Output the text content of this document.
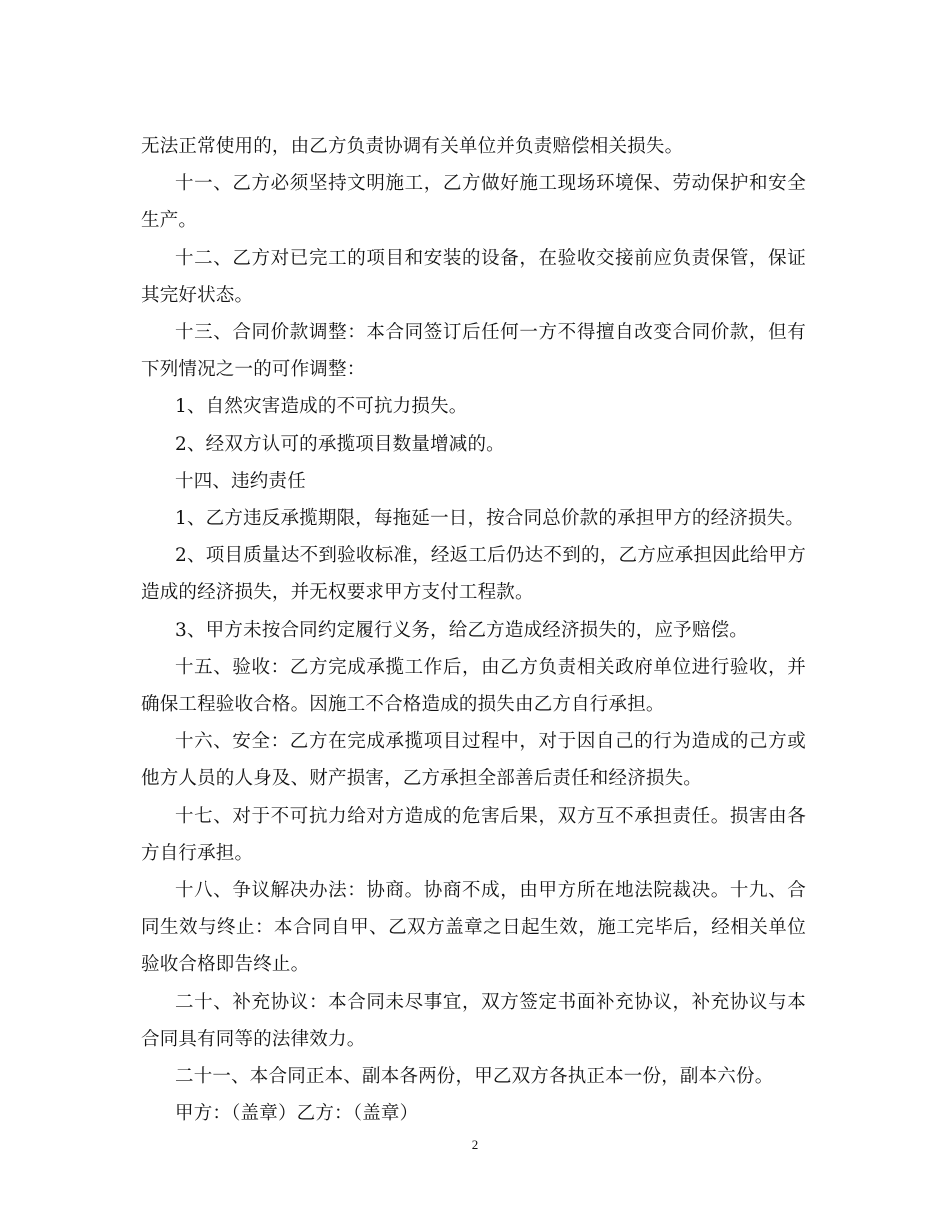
无法正常使用的，由乙方负责协调有关单位并负责赔偿相关损失。

十一、乙方必须坚持文明施工，乙方做好施工现场环境保、劳动保护和安全生产。

十二、乙方对已完工的项目和安装的设备，在验收交接前应负责保管，保证其完好状态。

十三、合同价款调整：本合同签订后任何一方不得擅自改变合同价款，但有下列情况之一的可作调整：

1、自然灾害造成的不可抗力损失。

2、经双方认可的承揽项目数量增减的。

十四、违约责任

1、乙方违反承揽期限，每拖延一日，按合同总价款的承担甲方的经济损失。

2、项目质量达不到验收标准，经返工后仍达不到的，乙方应承担因此给甲方造成的经济损失，并无权要求甲方支付工程款。

3、甲方未按合同约定履行义务，给乙方造成经济损失的，应予赔偿。

十五、验收：乙方完成承揽工作后，由乙方负责相关政府单位进行验收，并确保工程验收合格。因施工不合格造成的损失由乙方自行承担。

十六、安全：乙方在完成承揽项目过程中，对于因自己的行为造成的己方或他方人员的人身及、财产损害，乙方承担全部善后责任和经济损失。

十七、对于不可抗力给对方造成的危害后果，双方互不承担责任。损害由各方自行承担。

十八、争议解决办法：协商。协商不成，由甲方所在地法院裁决。十九、合同生效与终止：本合同自甲、乙双方盖章之日起生效，施工完毕后，经相关单位验收合格即告终止。

二十、补充协议：本合同未尽事宜，双方签定书面补充协议，补充协议与本合同具有同等的法律效力。

二十一、本合同正本、副本各两份，甲乙双方各执正本一份，副本六份。

甲方：（盖章）乙方：（盖章）

2
